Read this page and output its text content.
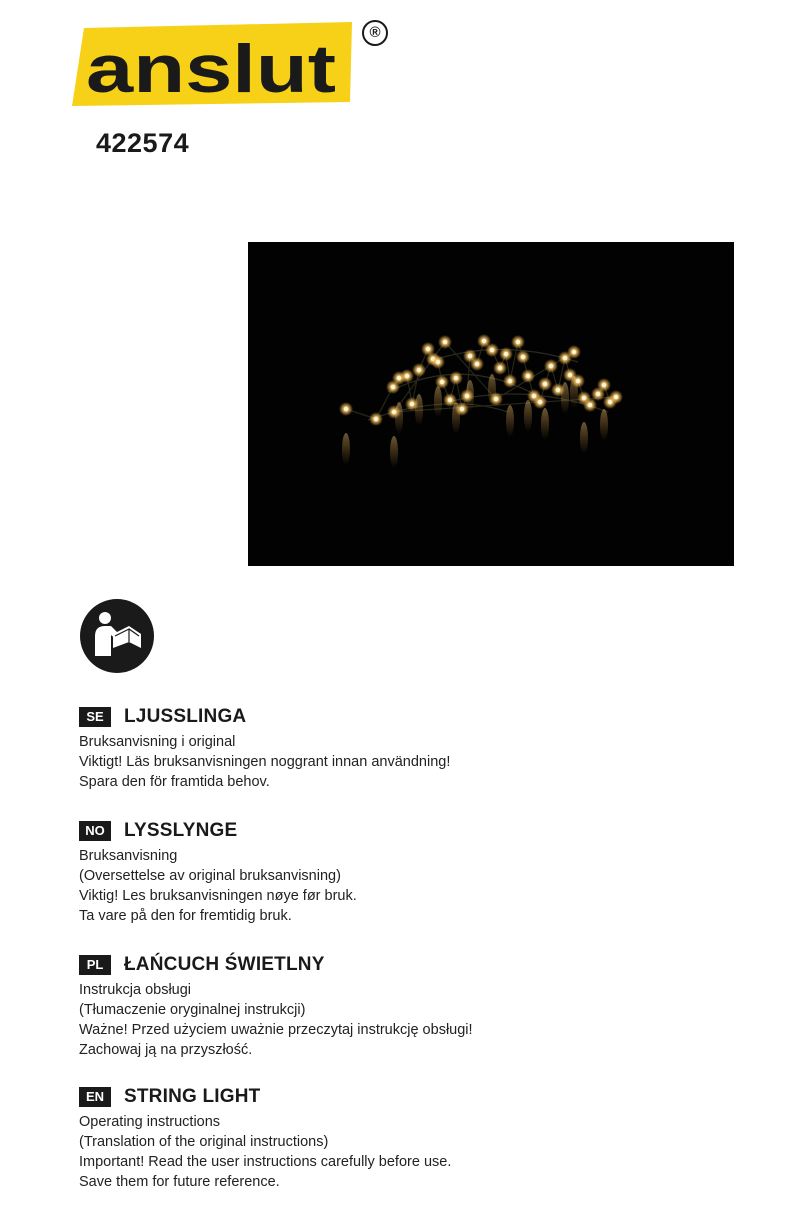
anslut	®
422574
SE	LJUSSLINGA
Bruksanvisning i original
Viktigt! Läs bruksanvisningen noggrant innan användning!
Spara den för framtida behov.
NO	LYSSLYNGE
Bruksanvisning
(Oversettelse av original bruksanvisning)
Viktig! Les bruksanvisningen nøye før bruk.
Ta vare på den for fremtidig bruk.
PL	ŁAŃCUCH ŚWIETLNY
Instrukcja obsługi
(Tłumaczenie oryginalnej instrukcji)
Ważne! Przed użyciem uważnie przeczytaj instrukcję obsługi!
Zachowaj ją na przyszłość.
EN	STRING LIGHT
Operating instructions
(Translation of the original instructions)
Important! Read the user instructions carefully before use.
Save them for future reference.
